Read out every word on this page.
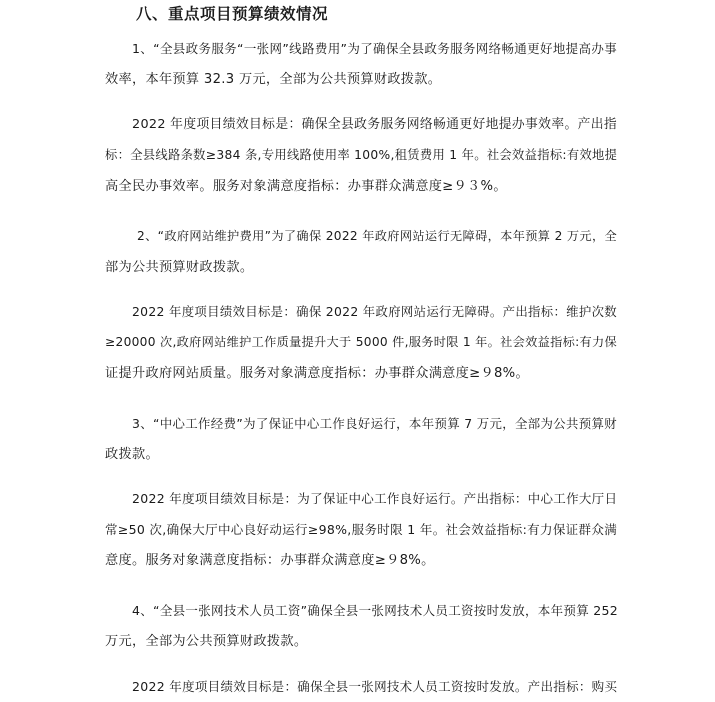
八、重点项目预算绩效情况
1、“全县政务服务“一张网”线路费用”为了确保全县政务服务网络畅通更好地提高办事
效率，本年预算 32.3 万元，全部为公共预算财政拨款。
2022 年度项目绩效目标是：确保全县政务服务网络畅通更好地提办事效率。产出指
标：全县线路条数≥384 条,专用线路使用率 100%,租赁费用 1 年。社会效益指标:有效地提
高全民办事效率。服务对象满意度指标：办事群众满意度≥９３%。
2、“政府网站维护费用”为了确保 2022 年政府网站运行无障碍，本年预算 2 万元，全
部为公共预算财政拨款。
2022 年度项目绩效目标是：确保 2022 年政府网站运行无障碍。产出指标：维护次数
≥20000 次,政府网站维护工作质量提升大于 5000 件,服务时限 1 年。社会效益指标:有力保
证提升政府网站质量。服务对象满意度指标：办事群众满意度≥９8%。
3、“中心工作经费”为了保证中心工作良好运行，本年预算 7 万元，全部为公共预算财
政拨款。
2022 年度项目绩效目标是：为了保证中心工作良好运行。产出指标：中心工作大厅日
常≥50 次,确保大厅中心良好动运行≥98%,服务时限 1 年。社会效益指标:有力保证群众满
意度。服务对象满意度指标：办事群众满意度≥９8%。
4、“全县一张网技术人员工资”确保全县一张网技术人员工资按时发放，本年预算 252
万元，全部为公共预算财政拨款。
2022 年度项目绩效目标是：确保全县一张网技术人员工资按时发放。产出指标：购买
